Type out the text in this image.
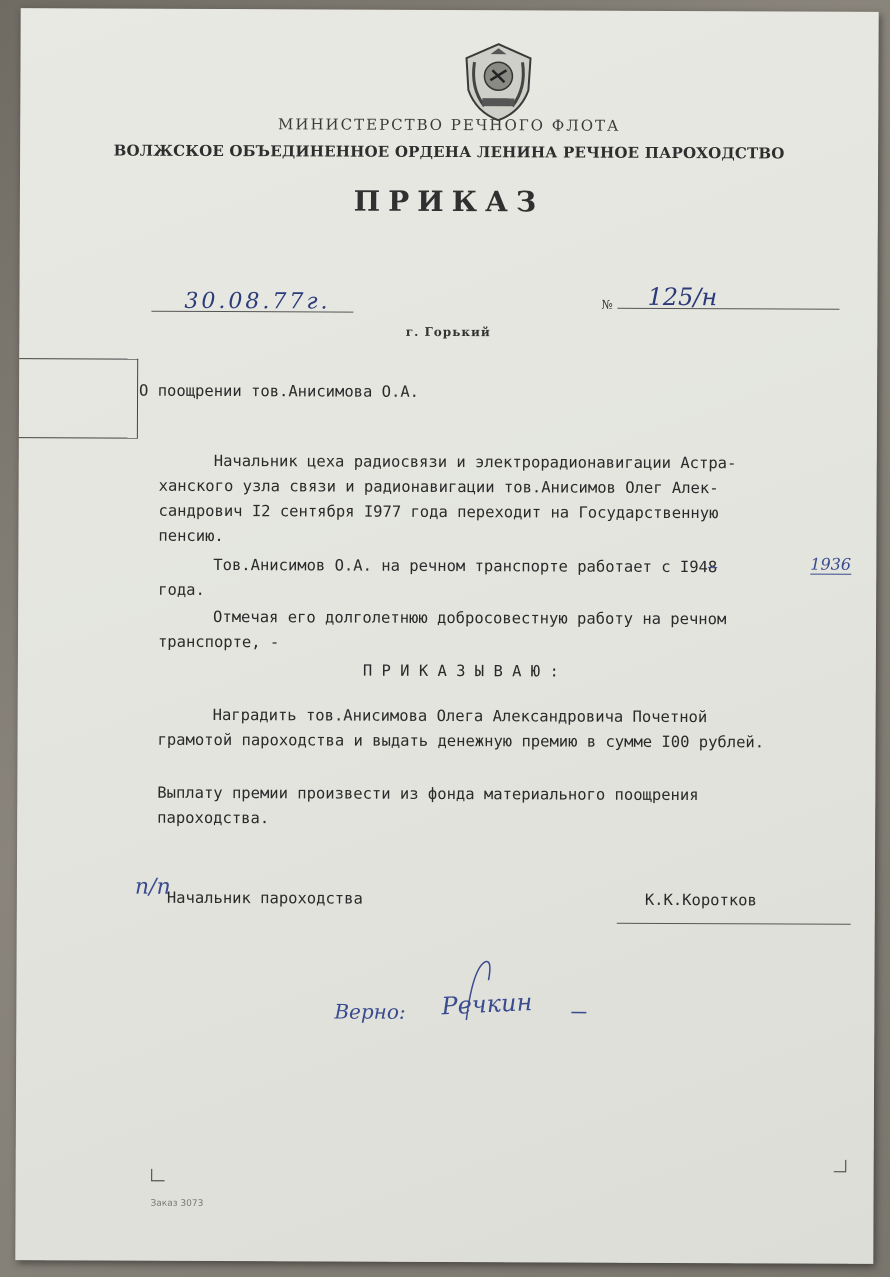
МИНИСТЕРСТВО РЕЧНОГО ФЛОТА
ВОЛЖСКОЕ ОБЪЕДИНЕННОЕ ОРДЕНА ЛЕНИНА РЕЧНОЕ ПАРОХОДСТВО
ПРИКАЗ
30.08.77г.	№ 125/н
г. Горький
О поощрении тов.Анисимова О.А.
Начальник цеха радиосвязи и электрорадионавигации Астра-
ханского узла связи и радионавигации тов.Анисимов Олег Алек-
сандрович I2 сентября I977 года переходит на Государственную
пенсию.
Тов.Анисимов О.А. на речном транспорте работает с I948	1936
года.
Отмечая его долголетнюю добросовестную работу на речном
транспорте, -
П Р И К А З Ы В А Ю :
Наградить тов.Анисимова Олега Александровича Почетной
грамотой пароходства и выдать денежную премию в сумме I00 рублей.
Выплату премии произвести из фонда материального поощрения
пароходства.
п/п
Начальник пароходства	К.К.Коротков
Верно: Речкин
Заказ 3073
